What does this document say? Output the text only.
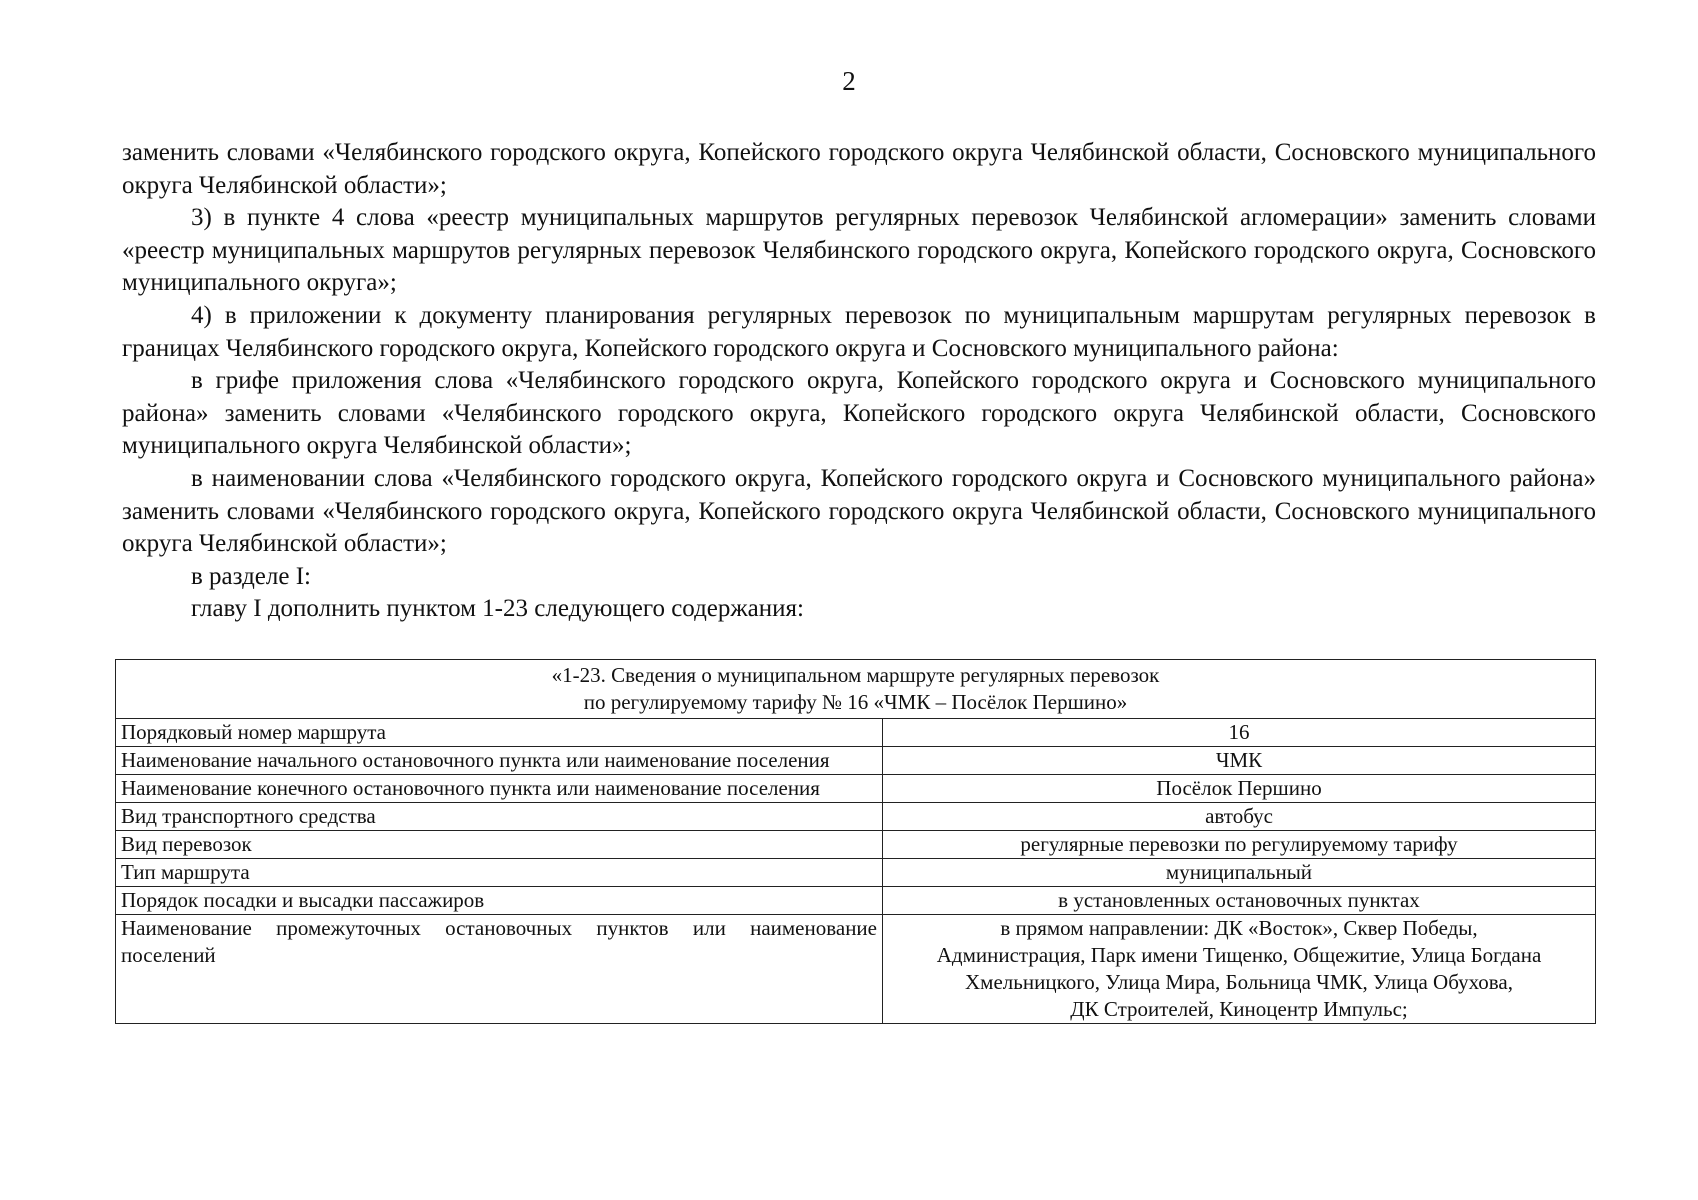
2

заменить словами «Челябинского городского округа, Копейского городского округа Челябинской области, Сосновского муниципального округа Челябинской области»;

3) в пункте 4 слова «реестр муниципальных маршрутов регулярных перевозок Челябинской агломерации» заменить словами «реестр муниципальных маршрутов регулярных перевозок Челябинского городского округа, Копейского городского округа, Сосновского муниципального округа»;

4) в приложении к документу планирования регулярных перевозок по муниципальным маршрутам регулярных перевозок в границах Челябинского городского округа, Копейского городского округа и Сосновского муниципального района:

в грифе приложения слова «Челябинского городского округа, Копейского городского округа и Сосновского муниципального района» заменить словами «Челябинского городского округа, Копейского городского округа Челябинской области, Сосновского муниципального округа Челябинской области»;

в наименовании слова «Челябинского городского округа, Копейского городского округа и Сосновского муниципального района» заменить словами «Челябинского городского округа, Копейского городского округа Челябинской области, Сосновского муниципального округа Челябинской области»;

в разделе I:

главу I дополнить пунктом 1-23 следующего содержания:

«1-23. Сведения о муниципальном маршруте регулярных перевозок
по регулируемому тарифу № 16 «ЧМК – Посёлок Першино»	

Порядковый номер маршрута	16
Наименование начального остановочного пункта или наименование поселения	ЧМК
Наименование конечного остановочного пункта или наименование поселения	Посёлок Першино
Вид транспортного средства	автобус
Вид перевозок	регулярные перевозки по регулируемому тарифу
Тип маршрута	муниципальный
Порядок посадки и высадки пассажиров	в установленных остановочных пунктах
Наименование промежуточных остановочных пунктов или наименование поселений	в прямом направлении: ДК «Восток», Сквер Победы,
Администрация, Парк имени Тищенко, Общежитие, Улица Богдана
Хмельницкого, Улица Мира, Больница ЧМК, Улица Обухова,
ДК Строителей, Киноцентр Импульс;
